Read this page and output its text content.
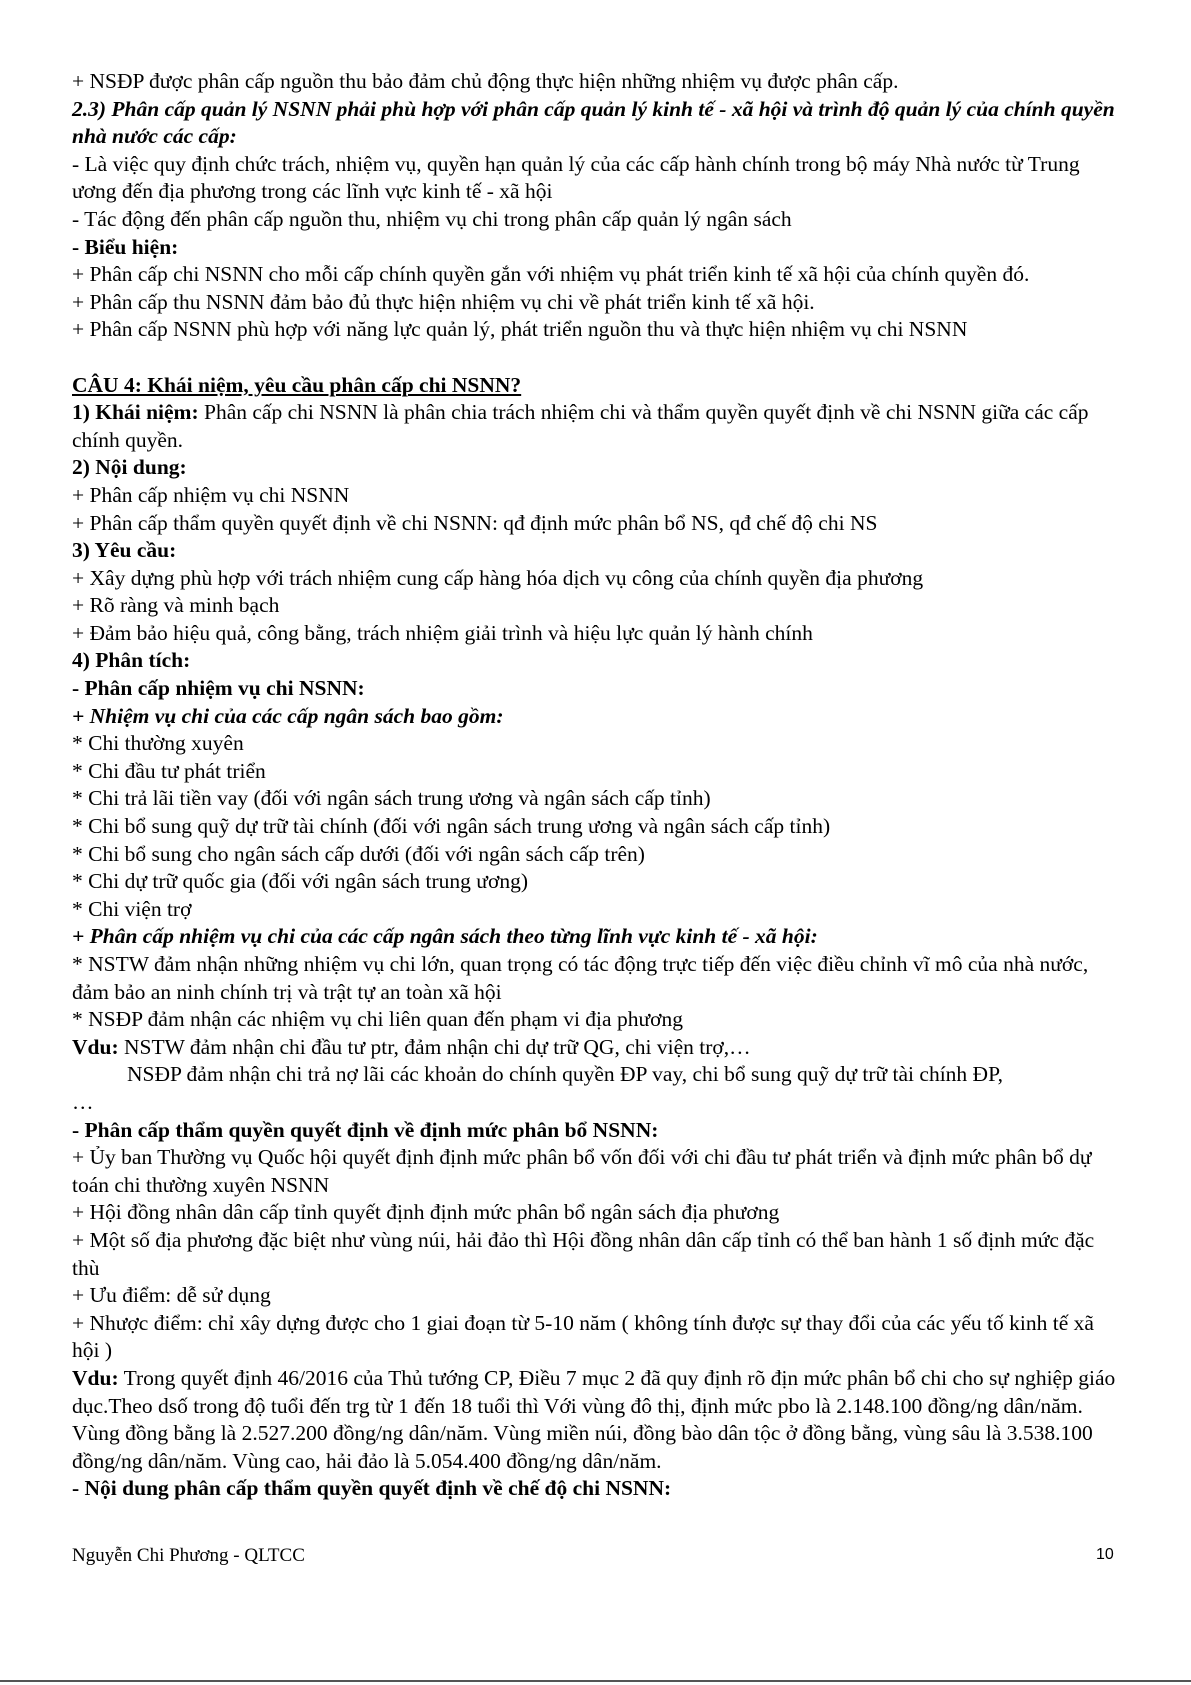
+ NSĐP được phân cấp nguồn thu bảo đảm chủ động thực hiện những nhiệm vụ được phân cấp.

2.3) Phân cấp quản lý NSNN phải phù hợp với phân cấp quản lý kinh tế - xã hội và trình độ quản lý của chính quyền nhà nước các cấp:

- Là việc quy định chức trách, nhiệm vụ, quyền hạn quản lý của các cấp hành chính trong bộ máy Nhà nước từ Trung ương đến địa phương trong các lĩnh vực kinh tế - xã hội

- Tác động đến phân cấp nguồn thu, nhiệm vụ chi trong phân cấp quản lý ngân sách

- Biểu hiện:

+ Phân cấp chi NSNN cho mỗi cấp chính quyền gắn với nhiệm vụ phát triển kinh tế xã hội của chính quyền đó.

+ Phân cấp thu NSNN đảm bảo đủ thực hiện nhiệm vụ chi về phát triển kinh tế xã hội.

+ Phân cấp NSNN phù hợp với năng lực quản lý, phát triển nguồn thu và thực hiện nhiệm vụ chi NSNN

CÂU 4: Khái niệm, yêu cầu phân cấp chi NSNN?

1) Khái niệm: Phân cấp chi NSNN là phân chia trách nhiệm chi và thẩm quyền quyết định về chi NSNN giữa các cấp chính quyền.

2) Nội dung:

+ Phân cấp nhiệm vụ chi NSNN

+ Phân cấp thẩm quyền quyết định về chi NSNN: qđ định mức phân bổ NS, qđ chế độ chi NS

3) Yêu cầu:

+ Xây dựng phù hợp với trách nhiệm cung cấp hàng hóa dịch vụ công của chính quyền địa phương

+ Rõ ràng và minh bạch

+ Đảm bảo hiệu quả, công bằng, trách nhiệm giải trình và hiệu lực quản lý hành chính

4) Phân tích:

- Phân cấp nhiệm vụ chi NSNN:

+ Nhiệm vụ chi của các cấp ngân sách bao gồm:

* Chi thường xuyên

* Chi đầu tư phát triển

* Chi trả lãi tiền vay (đối với ngân sách trung ương và ngân sách cấp tỉnh)

* Chi bổ sung quỹ dự trữ tài chính (đối với ngân sách trung ương và ngân sách cấp tỉnh)

* Chi bổ sung cho ngân sách cấp dưới (đối với ngân sách cấp trên)

* Chi dự trữ quốc gia (đối với ngân sách trung ương)

* Chi viện trợ

+ Phân cấp nhiệm vụ chi của các cấp ngân sách theo từng lĩnh vực kinh tế - xã hội:

* NSTW đảm nhận những nhiệm vụ chi lớn, quan trọng có tác động trực tiếp đến việc điều chỉnh vĩ mô của nhà nước, đảm bảo an ninh chính trị và trật tự an toàn xã hội

* NSĐP đảm nhận các nhiệm vụ chi liên quan đến phạm vi địa phương

Vdu: NSTW đảm nhận chi đầu tư ptr, đảm nhận chi dự trữ QG, chi viện trợ,…

NSĐP đảm nhận chi trả nợ lãi các khoản do chính quyền ĐP vay, chi bổ sung quỹ dự trữ tài chính ĐP,

…

- Phân cấp thẩm quyền quyết định về định mức phân bổ NSNN:

+ Ủy ban Thường vụ Quốc hội quyết định định mức phân bổ vốn đối với chi đầu tư phát triển và định mức phân bổ dự toán chi thường xuyên NSNN

+ Hội đồng nhân dân cấp tỉnh quyết định định mức phân bổ ngân sách địa phương

+ Một số địa phương đặc biệt như vùng núi, hải đảo thì Hội đồng nhân dân cấp tỉnh có thể ban hành 1 số định mức đặc thù

+ Ưu điểm: dễ sử dụng

+ Nhược điểm: chỉ xây dựng được cho 1 giai đoạn từ 5-10 năm ( không tính được sự thay đổi của các yếu tố kinh tế xã hội )

Vdu: Trong quyết định 46/2016 của Thủ tướng CP, Điều 7 mục 2 đã quy định rõ địn mức phân bổ chi cho sự nghiệp giáo dục.Theo dsố trong độ tuổi đến trg từ 1 đến 18 tuổi thì Với vùng đô thị, định mức pbo là 2.148.100 đồng/ng dân/năm. Vùng đồng bằng là 2.527.200 đồng/ng dân/năm. Vùng miền núi, đồng bào dân tộc ở đồng bằng, vùng sâu là 3.538.100 đồng/ng dân/năm. Vùng cao, hải đảo là 5.054.400 đồng/ng dân/năm.

- Nội dung phân cấp thẩm quyền quyết định về chế độ chi NSNN:

Nguyễn Chi Phương - QLTCC	10
